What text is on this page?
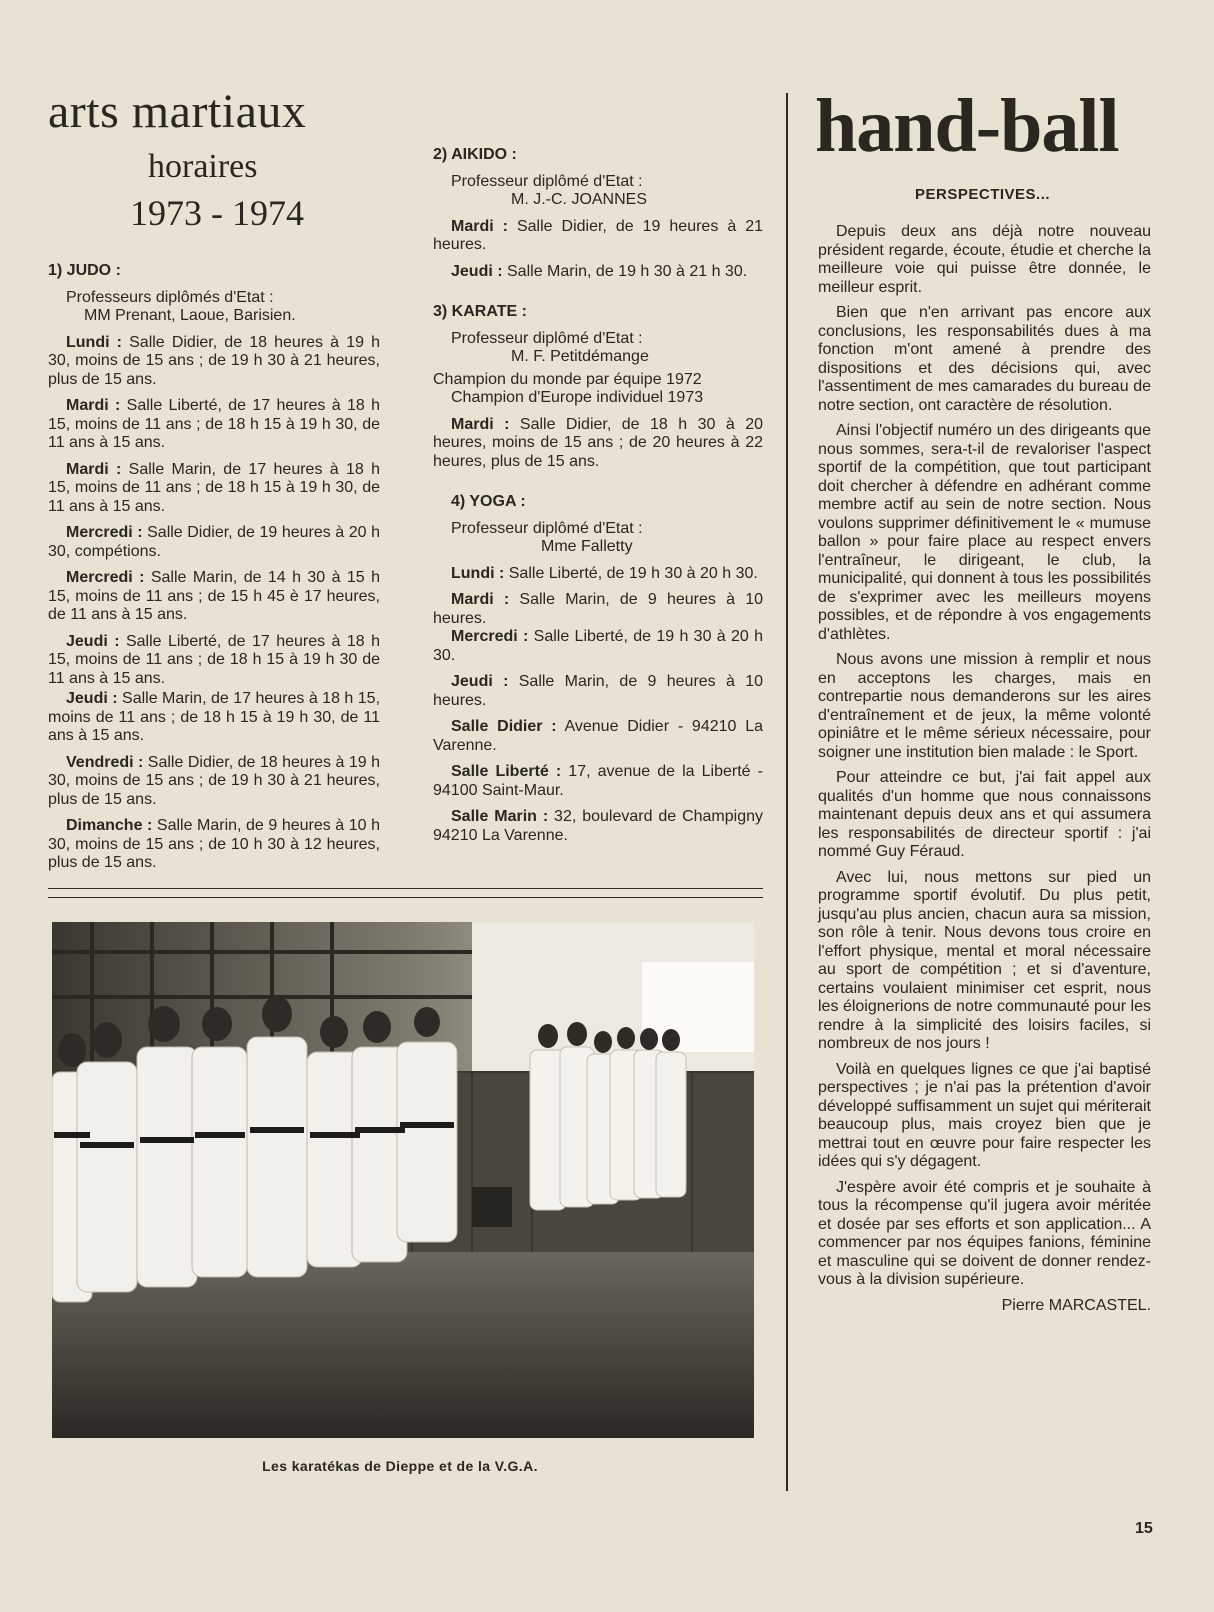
arts martiaux
horaires
1973 - 1974

1) JUDO :

Professeurs diplômés d'Etat :

MM Prenant, Laoue, Barisien.

Lundi : Salle Didier, de 18 heures à 19 h 30, moins de 15 ans ; de 19 h 30 à 21 heures, plus de 15 ans.

Mardi : Salle Liberté, de 17 heures à 18 h 15, moins de 11 ans ; de 18 h 15 à 19 h 30, de 11 ans à 15 ans.

Mardi : Salle Marin, de 17 heures à 18 h 15, moins de 11 ans ; de 18 h 15 à 19 h 30, de 11 ans à 15 ans.

Mercredi : Salle Didier, de 19 heures à 20 h 30, compétions.

Mercredi : Salle Marin, de 14 h 30 à 15 h 15, moins de 11 ans ; de 15 h 45 è 17 heures, de 11 ans à 15 ans.

Jeudi : Salle Liberté, de 17 heures à 18 h 15, moins de 11 ans ; de 18 h 15 à 19 h 30 de 11 ans à 15 ans.

Jeudi : Salle Marin, de 17 heures à 18 h 15, moins de 11 ans ; de 18 h 15 à 19 h 30, de 11 ans à 15 ans.

Vendredi : Salle Didier, de 18 heures à 19 h 30, moins de 15 ans ; de 19 h 30 à 21 heures, plus de 15 ans.

Dimanche : Salle Marin, de 9 heures à 10 h 30, moins de 15 ans ; de 10 h 30 à 12 heures, plus de 15 ans.

2) AIKIDO :

Professeur diplômé d'Etat :

M. J.-C. JOANNES

Mardi : Salle Didier, de 19 heures à 21 heures.

Jeudi : Salle Marin, de 19 h 30 à 21 h 30.

3) KARATE :

Professeur diplômé d'Etat :

M. F. Petitdémange

Champion du monde par équipe 1972

Champion d'Europe individuel 1973

Mardi : Salle Didier, de 18 h 30 à 20 heures, moins de 15 ans ; de 20 heures à 22 heures, plus de 15 ans.

4) YOGA :

Professeur diplômé d'Etat :

Mme Falletty

Lundi : Salle Liberté, de 19 h 30 à 20 h 30.

Mardi : Salle Marin, de 9 heures à 10 heures.

Mercredi : Salle Liberté, de 19 h 30 à 20 h 30.

Jeudi : Salle Marin, de 9 heures à 10 heures.

Salle Didier : Avenue Didier - 94210 La Varenne.

Salle Liberté : 17, avenue de la Liberté - 94100 Saint-Maur.

Salle Marin : 32, boulevard de Champigny 94210 La Varenne.

Les karatékas de Dieppe et de la V.G.A.
hand-ball
PERSPECTIVES...

Depuis deux ans déjà notre nouveau président regarde, écoute, étudie et cherche la meilleure voie qui puisse être donnée, le meilleur esprit.

Bien que n'en arrivant pas encore aux conclusions, les responsabilités dues à ma fonction m'ont amené à prendre des dispositions et des décisions qui, avec l'assentiment de mes camarades du bureau de notre section, ont caractère de résolution.

Ainsi l'objectif numéro un des dirigeants que nous sommes, sera-t-il de revaloriser l'aspect sportif de la compétition, que tout participant doit chercher à défendre en adhérant comme membre actif au sein de notre section. Nous voulons supprimer définitivement le « mumuse ballon » pour faire place au respect envers l'entraîneur, le dirigeant, le club, la municipalité, qui donnent à tous les possibilités de s'exprimer avec les meilleurs moyens possibles, et de répondre à vos engagements d'athlètes.

Nous avons une mission à remplir et nous en acceptons les charges, mais en contrepartie nous demanderons sur les aires d'entraînement et de jeux, la même volonté opiniâtre et le même sérieux nécessaire, pour soigner une institution bien malade : le Sport.

Pour atteindre ce but, j'ai fait appel aux qualités d'un homme que nous connaissons maintenant depuis deux ans et qui assumera les responsabilités de directeur sportif : j'ai nommé Guy Féraud.

Avec lui, nous mettons sur pied un programme sportif évolutif. Du plus petit, jusqu'au plus ancien, chacun aura sa mission, son rôle à tenir. Nous devons tous croire en l'effort physique, mental et moral nécessaire au sport de compétition ; et si d'aventure, certains voulaient minimiser cet esprit, nous les éloignerions de notre communauté pour les rendre à la simplicité des loisirs faciles, si nombreux de nos jours !

Voilà en quelques lignes ce que j'ai baptisé perspectives ; je n'ai pas la prétention d'avoir développé suffisamment un sujet qui mériterait beaucoup plus, mais croyez bien que je mettrai tout en œuvre pour faire respecter les idées qui s'y dégagent.

J'espère avoir été compris et je souhaite à tous la récompense qu'il jugera avoir méritée et dosée par ses efforts et son application... A commencer par nos équipes fanions, féminine et masculine qui se doivent de donner rendez-vous à la division supérieure.

Pierre MARCASTEL.

15
